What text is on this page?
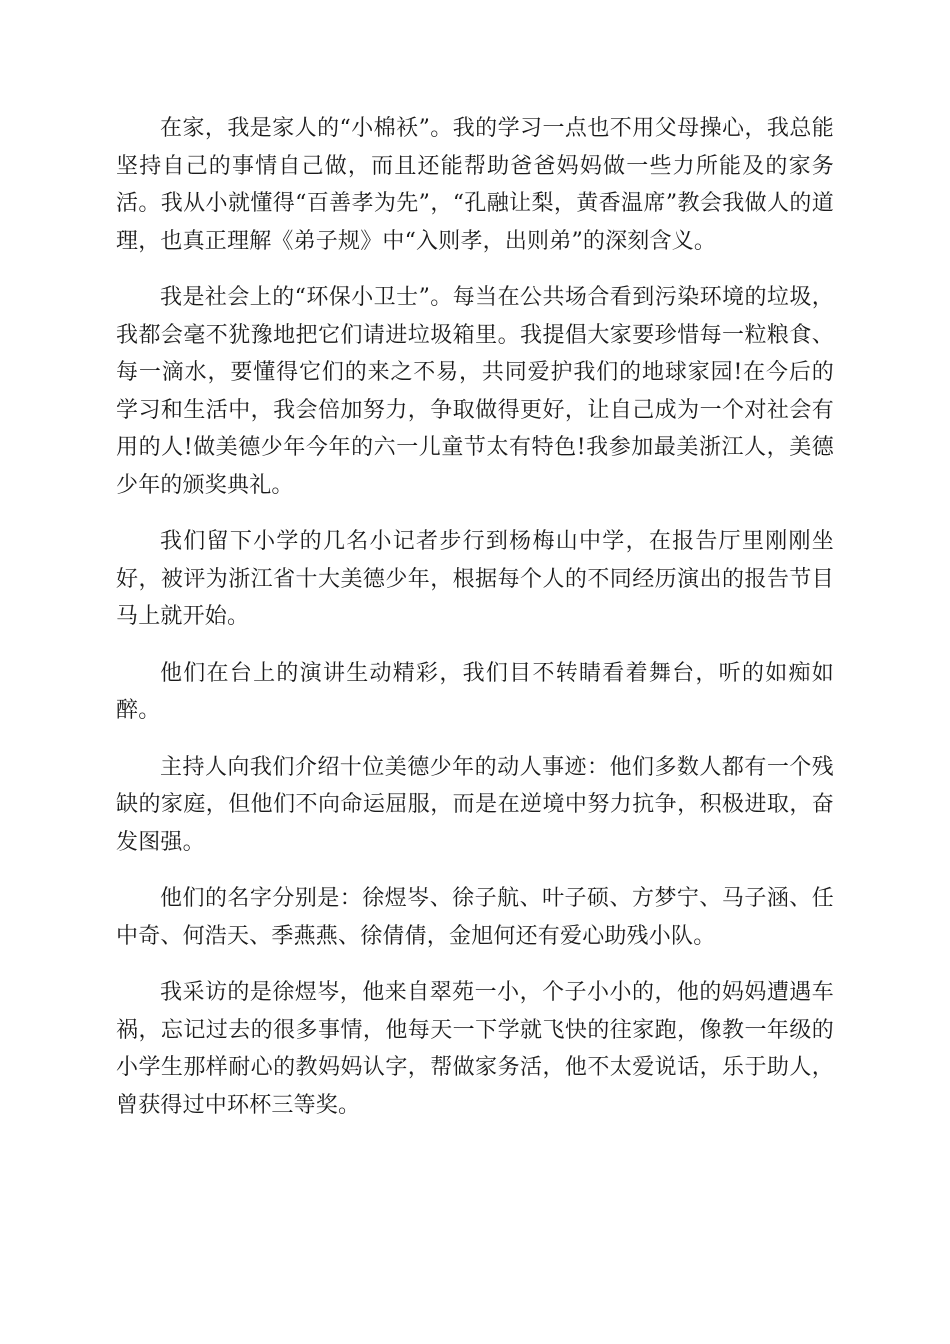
在家，我是家人的“小棉袄”。我的学习一点也不用父母操心，我总能坚持自己的事情自己做，而且还能帮助爸爸妈妈做一些力所能及的家务活。我从小就懂得“百善孝为先”，“孔融让梨，黄香温席”教会我做人的道理，也真正理解《弟子规》中“入则孝，出则弟”的深刻含义。

我是社会上的“环保小卫士”。每当在公共场合看到污染环境的垃圾，我都会毫不犹豫地把它们请进垃圾箱里。我提倡大家要珍惜每一粒粮食、每一滴水，要懂得它们的来之不易，共同爱护我们的地球家园!在今后的学习和生活中，我会倍加努力，争取做得更好，让自己成为一个对社会有用的人!做美德少年今年的六一儿童节太有特色!我参加最美浙江人，美德少年的颁奖典礼。

我们留下小学的几名小记者步行到杨梅山中学，在报告厅里刚刚坐好，被评为浙江省十大美德少年，根据每个人的不同经历演出的报告节目马上就开始。

他们在台上的演讲生动精彩，我们目不转睛看着舞台，听的如痴如醉。

主持人向我们介绍十位美德少年的动人事迹：他们多数人都有一个残缺的家庭，但他们不向命运屈服，而是在逆境中努力抗争，积极进取，奋发图强。

他们的名字分别是：徐煜岑、徐子航、叶子硕、方梦宁、马子涵、任中奇、何浩天、季燕燕、徐倩倩，金旭何还有爱心助残小队。

我采访的是徐煜岑，他来自翠苑一小，个子小小的，他的妈妈遭遇车祸，忘记过去的很多事情，他每天一下学就飞快的往家跑，像教一年级的小学生那样耐心的教妈妈认字，帮做家务活，他不太爱说话，乐于助人，曾获得过中环杯三等奖。
